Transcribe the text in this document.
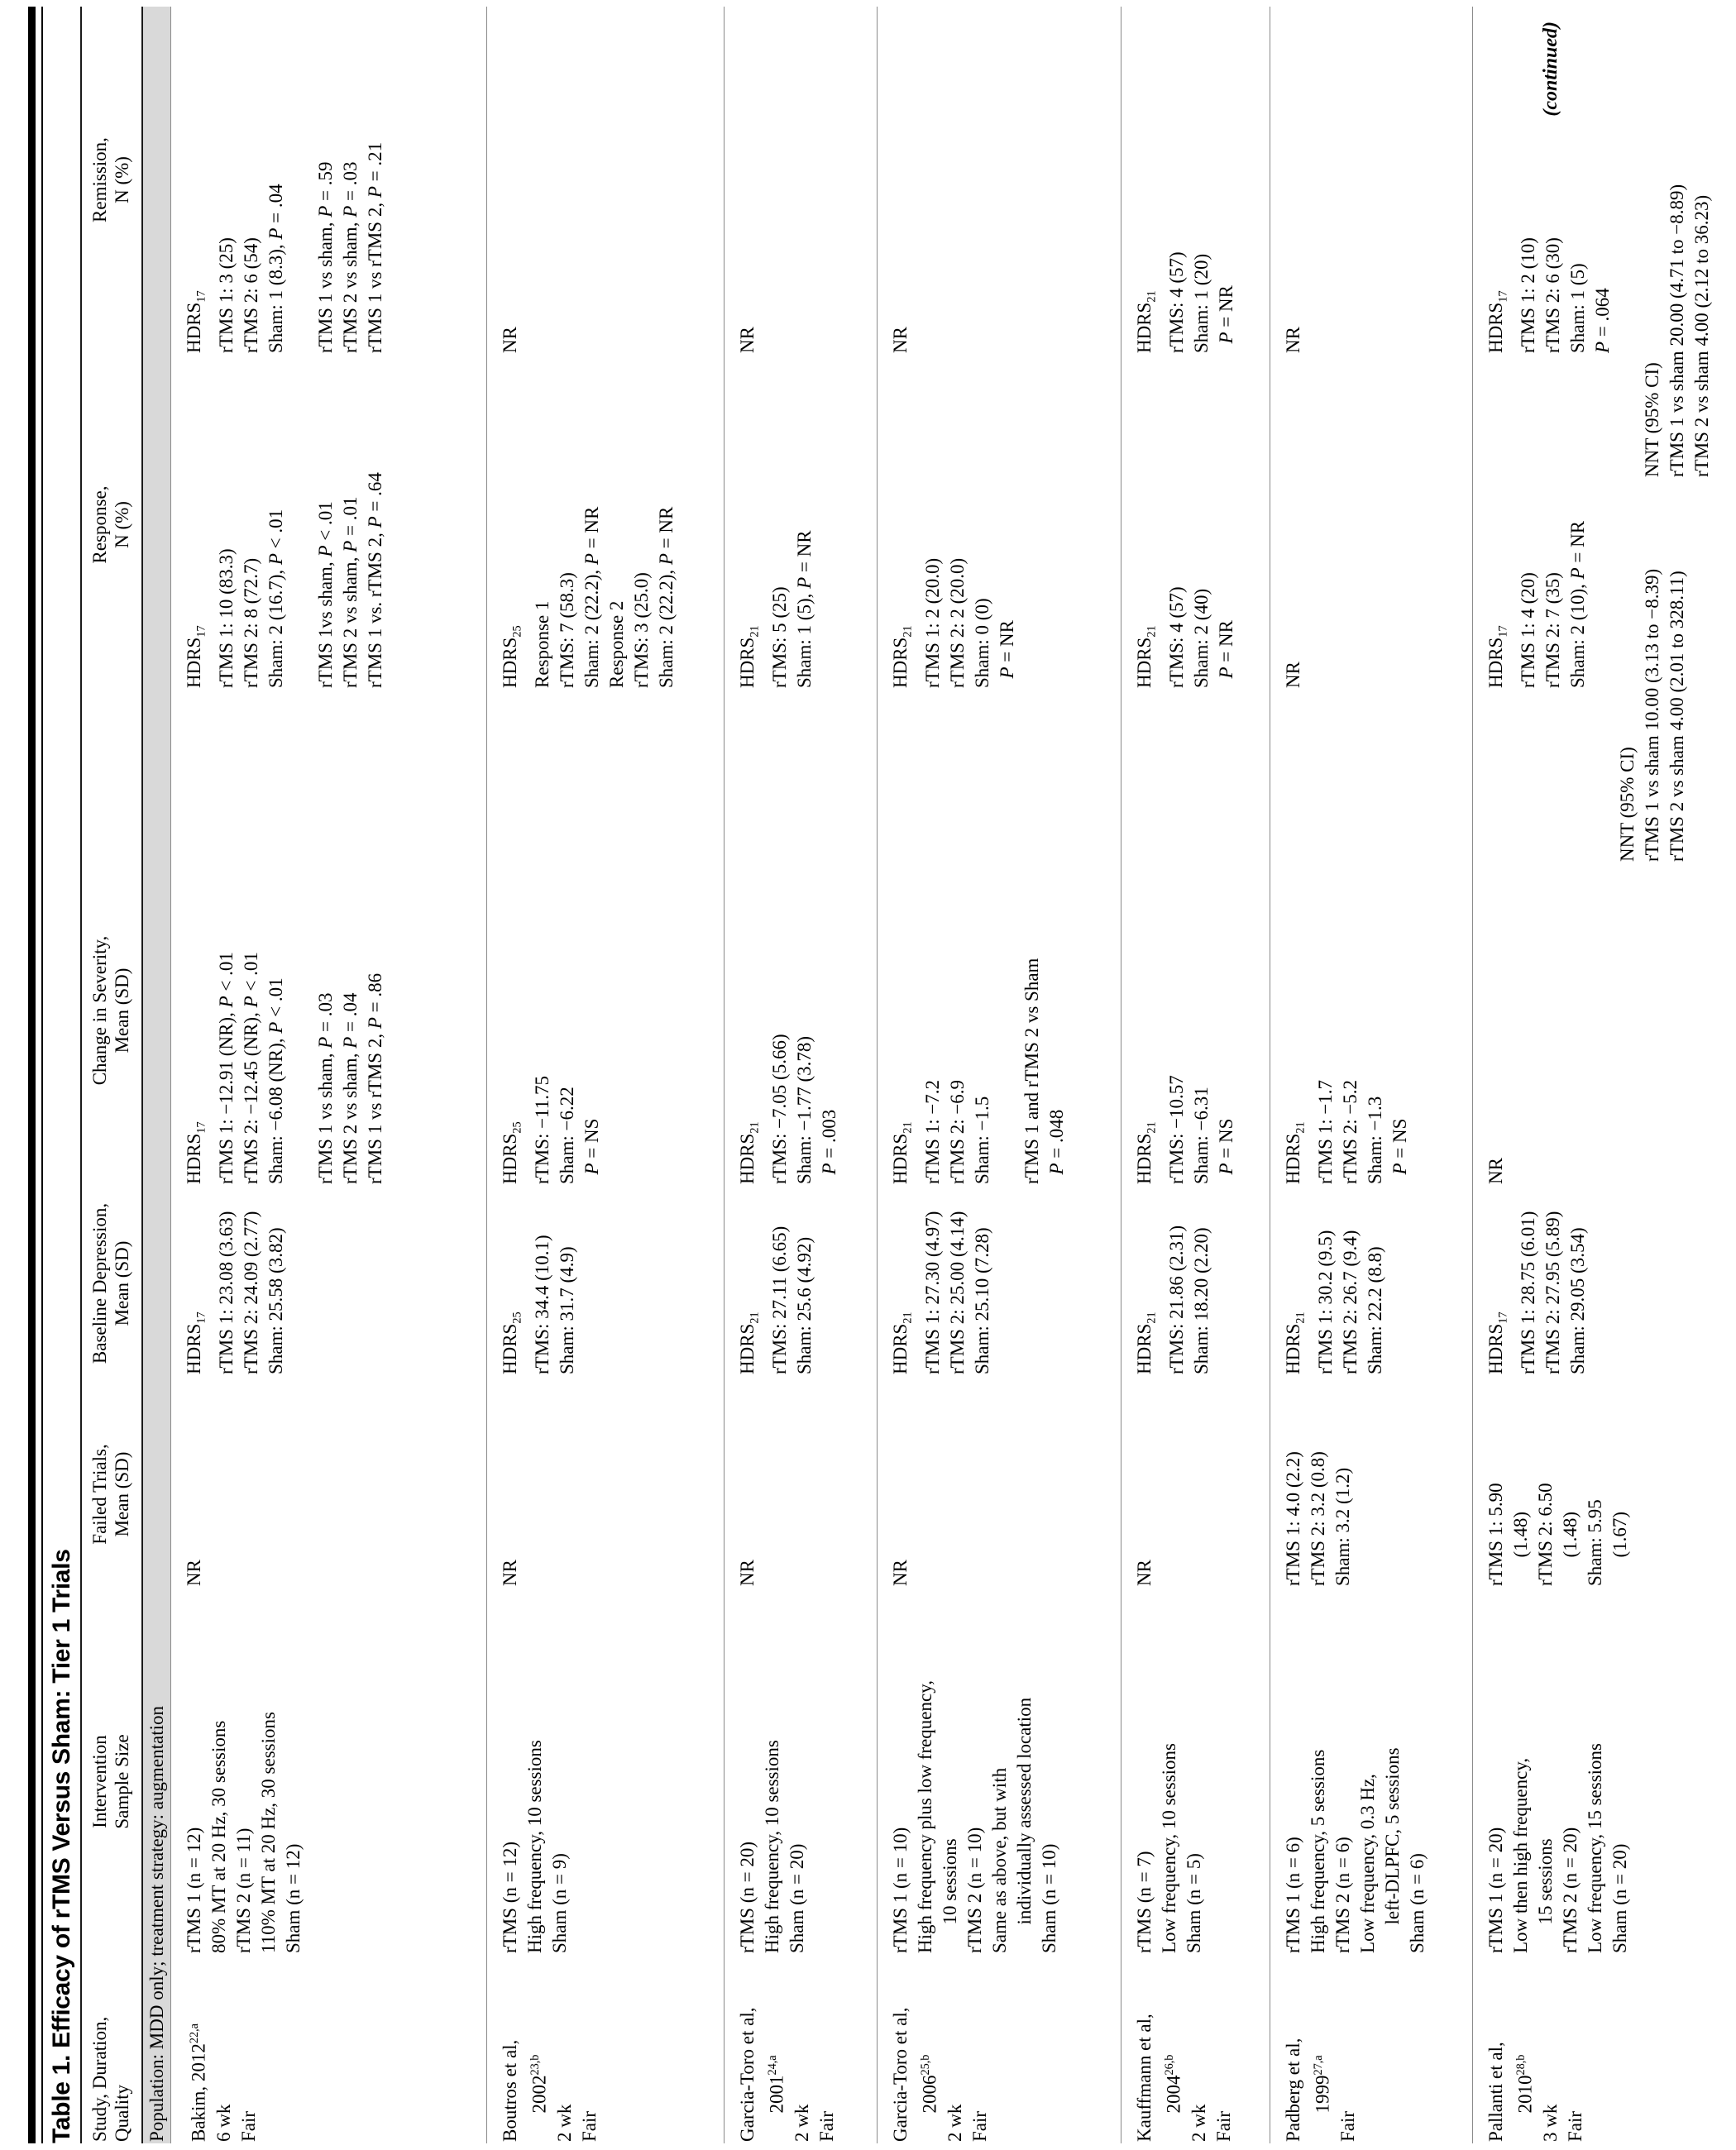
Table 1. Efficacy of rTMS Versus Sham: Tier 1 Trials Study, Duration, Quality
Intervention Sample Size
Failed Trials, Mean (SD)
Baseline Depression, Mean (SD)
Change in Severity, Mean (SD)
Response, N (%)
Remission, N (%)
Population: MDD only; treatment strategy: augmentation	Bakim, 2012$^{22,a}$
6 wk Fair
rTMS 1 (n = 12) 80% MT at 20 Hz, 30 sessions rTMS 2 (n = 11) 110% MT at 20 Hz, 30 sessions Sham (n = 12)
NR
$HDRS_{17}$ rTMS 1: 23.08 (3.63) rTMS 2: 24.09 (2.77) Sham: 25.58 (3.82)
$HDRS_{17}$ rTMS 1: −12.91 (NR), P < .01
rTMS 2: −12.45 (NR), P < .01
Sham: −6.08 (NR), P < .01

rTMS 1 vs sham, P = .03
rTMS 2 vs sham, P = .04
rTMS 1 vs rTMS 2, P = .86
$HDRS_{17}$ rTMS 1: 10 (83.3) rTMS 2: 8 (72.7) Sham: 2 (16.7), P < .01

rTMS 1vs sham, P < .01
rTMS 2 vs sham, P = .01
rTMS 1 vs. rTMS 2, P = .64
$HDRS_{17}$ rTMS 1: 3 (25) rTMS 2: 6 (54) Sham: 1 (8.3), P = .04

rTMS 1 vs sham, P = .59
rTMS 2 vs sham, P = .03
rTMS 1 vs rTMS 2, P = .21
Boutros et al, 2002$^{23,b}$
2 wk Fair
rTMS (n = 12) High frequency, 10 sessions Sham (n = 9)
NR
$HDRS_{25}$ rTMS: 34.4 (10.1) Sham: 31.7 (4.9)
$HDRS_{25}$ rTMS: −11.75 Sham: −6.22 P = NS
$HDRS_{25}$ Response 1 rTMS: 7 (58.3) Sham: 2 (22.2), P = NR
Response 2 rTMS: 3 (25.0) Sham: 2 (22.2), P = NR
NR
Garcia-Toro et al, 2001$^{24,a}$
2 wk Fair
rTMS (n = 20) High frequency, 10 sessions Sham (n = 20)
NR
$HDRS_{21}$ rTMS: 27.11 (6.65) Sham: 25.6 (4.92)
$HDRS_{21}$ rTMS: −7.05 (5.66) Sham: −1.77 (3.78) P = .003
$HDRS_{21}$ rTMS: 5 (25) Sham: 1 (5), P = NR
NR
Garcia-Toro et al, 2006$^{25,b}$
2 wk Fair
rTMS 1 (n = 10) High frequency plus low frequency, 10 sessions rTMS 2 (n = 10) Same as above, but with individually assessed location Sham (n = 10)
NR
$HDRS_{21}$ rTMS 1: 27.30 (4.97) rTMS 2: 25.00 (4.14) Sham: 25.10 (7.28)
$HDRS_{21}$ rTMS 1: −7.2 rTMS 2: −6.9 Sham: −1.5
rTMS 1 and rTMS 2 vs Sham P = .048
$HDRS_{21}$ rTMS 1: 2 (20.0) rTMS 2: 2 (20.0) Sham: 0 (0) P = NR
NR
Kauffmann et al, 2004$^{26,b}$
2 wk Fair
rTMS (n = 7) Low frequency, 10 sessions Sham (n = 5)
NR
$HDRS_{21}$ rTMS: 21.86 (2.31) Sham: 18.20 (2.20)
$HDRS_{21}$ rTMS: −10.57 Sham: −6.31 P = NS
$HDRS_{21}$ rTMS: 4 (57) Sham: 2 (40) P = NR
$HDRS_{21}$ rTMS: 4 (57) Sham: 1 (20) P = NR
Padberg et al, 1999$^{27,a}$
Fair
rTMS 1 (n = 6) High frequency, 5 sessions rTMS 2 (n = 6) Low frequency, 0.3 Hz, left-DLPFC, 5 sessions Sham (n = 6)
rTMS 1: 4.0 (2.2) rTMS 2: 3.2 (0.8) Sham: 3.2 (1.2)
$HDRS_{21}$ rTMS 1: 30.2 (9.5) rTMS 2: 26.7 (9.4) Sham: 22.2 (8.8)
$HDRS_{21}$ rTMS 1: −1.7 rTMS 2: −5.2 Sham: −1.3 P = NS
NR
NR
Pallanti et al, 2010$^{28,b}$
3 wk Fair
rTMS 1 (n = 20) Low then high frequency, 15 sessions rTMS 2 (n = 20) Low frequency, 15 sessions Sham (n = 20)
rTMS 1: 5.90 (1.48) rTMS 2: 6.50 (1.48) Sham: 5.95 (1.67)
$HDRS_{17}$ rTMS 1: 28.75 (6.01) rTMS 2: 27.95 (5.89) Sham: 29.05 (3.54)
NR
$HDRS_{17}$ rTMS 1: 4 (20) rTMS 2: 7 (35) Sham: 2 (10), P = NR

NNT (95% CI) rTMS 1 vs sham 10.00 (3.13 to −8.39) rTMS 2 vs sham 4.00 (2.01 to 328.11)
$HDRS_{17}$ rTMS 1: 2 (10) rTMS 2: 6 (30) Sham: 1 (5) P = .064

NNT (95% CI) rTMS 1 vs sham 20.00 (4.71 to −8.89) rTMS 2 vs sham 4.00 (2.12 to 36.23)
(continued)
